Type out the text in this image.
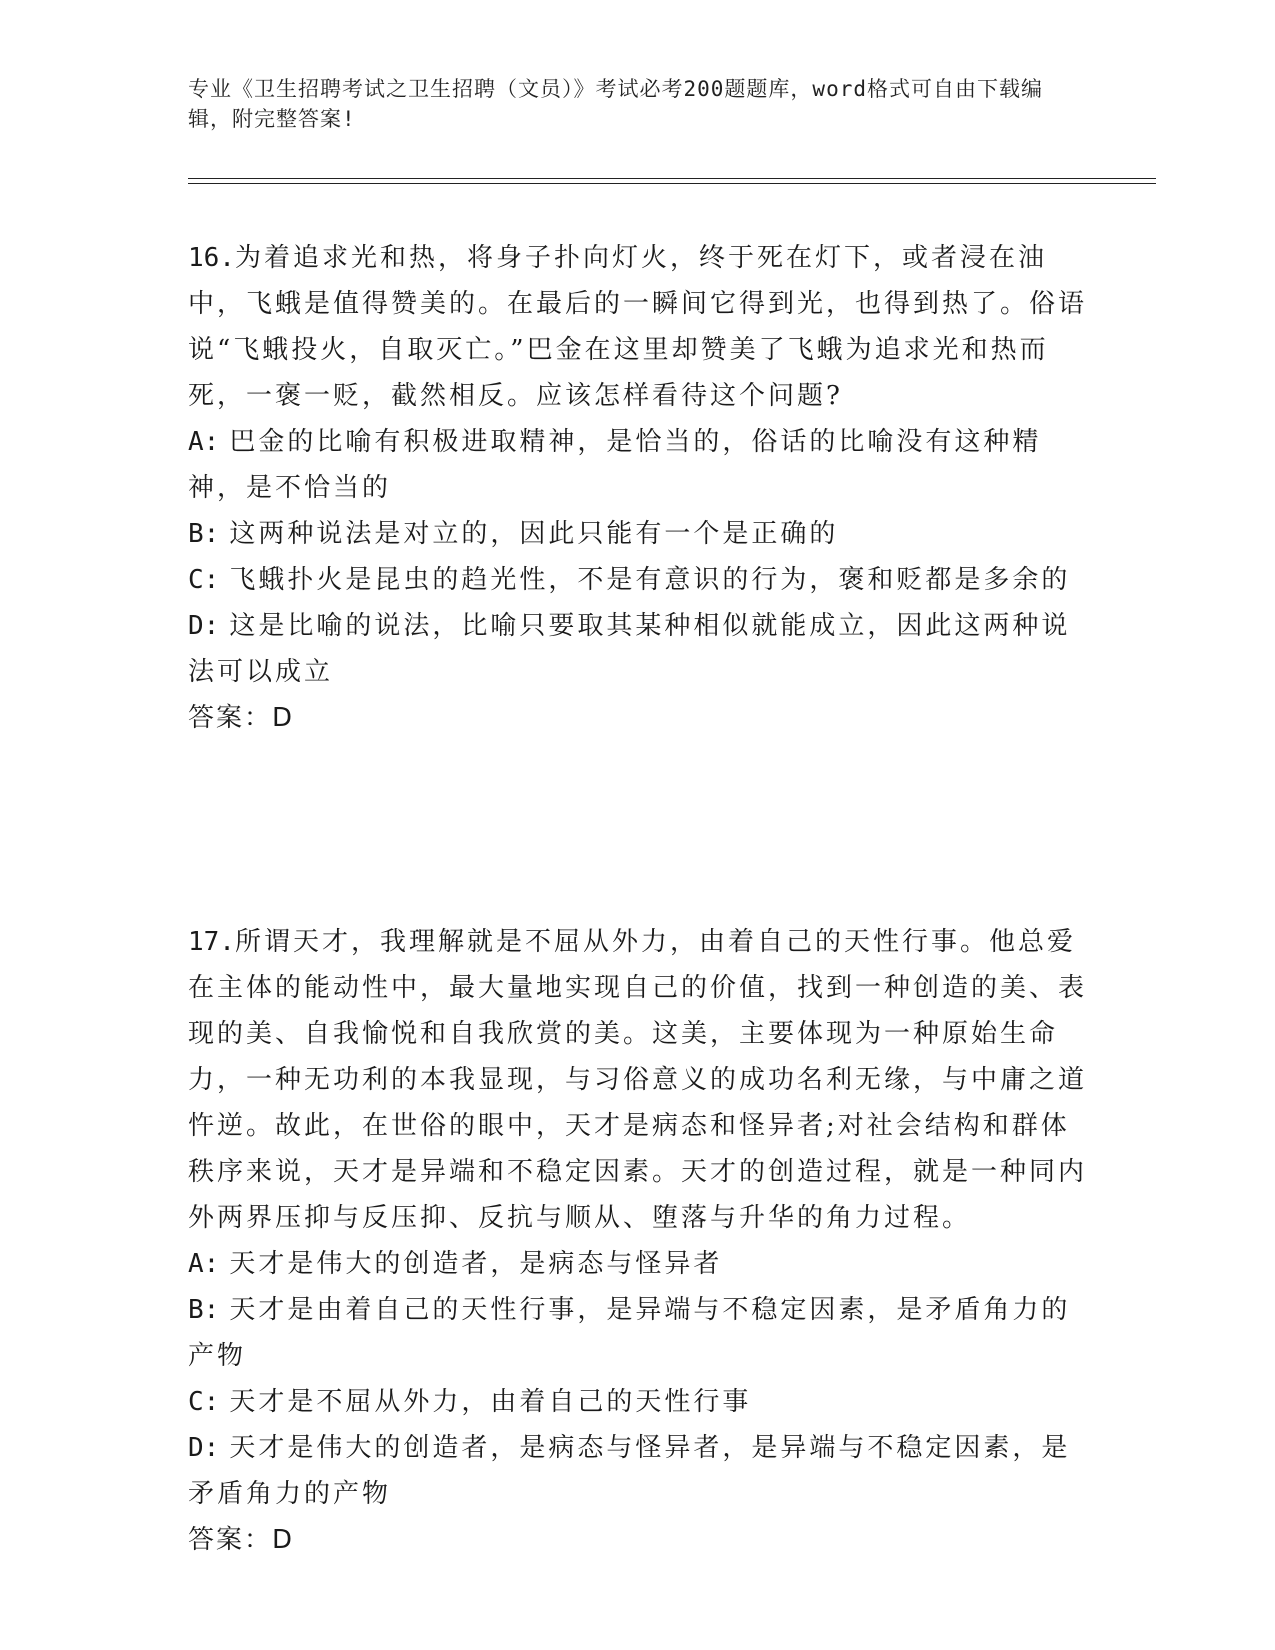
专业《卫生招聘考试之卫生招聘（文员）》考试必考200题题库，word格式可自由下载编辑，附完整答案!

16.为着追求光和热，将身子扑向灯火，终于死在灯下，或者浸在油中，飞蛾是值得赞美的。在最后的一瞬间它得到光，也得到热了。俗语说“飞蛾投火，自取灭亡。”巴金在这里却赞美了飞蛾为追求光和热而死，一褒一贬，截然相反。应该怎样看待这个问题?

A: 巴金的比喻有积极进取精神，是恰当的，俗话的比喻没有这种精神，是不恰当的

B: 这两种说法是对立的，因此只能有一个是正确的

C: 飞蛾扑火是昆虫的趋光性，不是有意识的行为，褒和贬都是多余的

D: 这是比喻的说法，比喻只要取其某种相似就能成立，因此这两种说法可以成立

答案：D

17.所谓天才，我理解就是不屈从外力，由着自己的天性行事。他总爱在主体的能动性中，最大量地实现自己的价值，找到一种创造的美、表现的美、自我愉悦和自我欣赏的美。这美，主要体现为一种原始生命力，一种无功利的本我显现，与习俗意义的成功名利无缘，与中庸之道忤逆。故此，在世俗的眼中，天才是病态和怪异者;对社会结构和群体秩序来说，天才是异端和不稳定因素。天才的创造过程，就是一种同内外两界压抑与反压抑、反抗与顺从、堕落与升华的角力过程。

A: 天才是伟大的创造者，是病态与怪异者

B: 天才是由着自己的天性行事，是异端与不稳定因素，是矛盾角力的产物

C: 天才是不屈从外力，由着自己的天性行事

D: 天才是伟大的创造者，是病态与怪异者，是异端与不稳定因素，是矛盾角力的产物

答案：D
